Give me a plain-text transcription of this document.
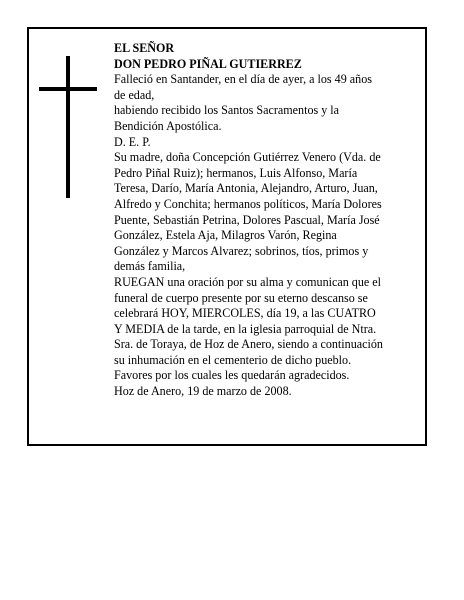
EL SEÑOR
DON PEDRO PIÑAL GUTIERREZ
Falleció en Santander, en el día de ayer, a los 49 años
de edad,
habiendo recibido los Santos Sacramentos y la
Bendición Apostólica.
D. E. P.
Su madre, doña Concepción Gutiérrez Venero (Vda. de
Pedro Piñal Ruiz); hermanos, Luis Alfonso, María
Teresa, Darío, María Antonia, Alejandro, Arturo, Juan,
Alfredo y Conchita; hermanos políticos, María Dolores
Puente, Sebastián Petrina, Dolores Pascual, María José
González, Estela Aja, Milagros Varón, Regina
González y Marcos Alvarez; sobrinos, tíos, primos y
demás familia,
RUEGAN una oración por su alma y comunican que el
funeral de cuerpo presente por su eterno descanso se
celebrará HOY, MIERCOLES, día 19, a las CUATRO
Y MEDIA de la tarde, en la iglesia parroquial de Ntra.
Sra. de Toraya, de Hoz de Anero, siendo a continuación
su inhumación en el cementerio de dicho pueblo.
Favores por los cuales les quedarán agradecidos.
Hoz de Anero, 19 de marzo de 2008.
